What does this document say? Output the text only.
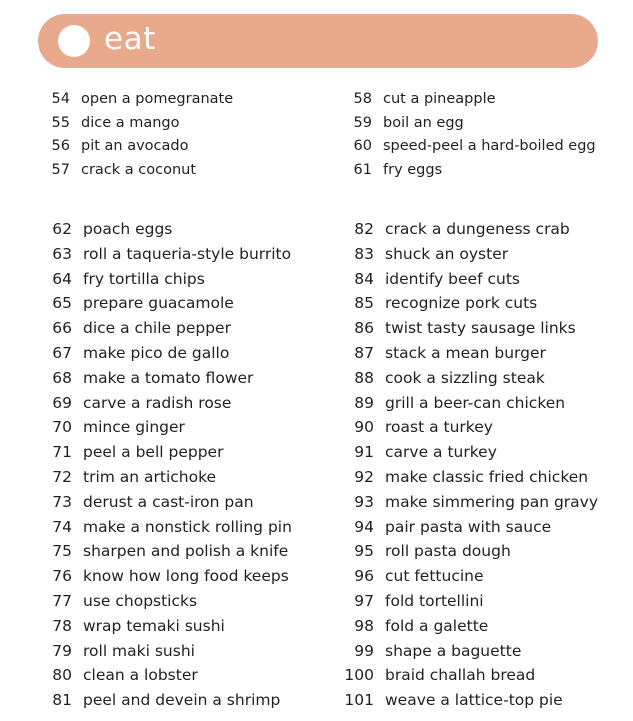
eat
54 open a pomegranate
55 dice a mango
56 pit an avocado
57 crack a coconut
58 cut a pineapple
59 boil an egg
60 speed-peel a hard-boiled egg
61 fry eggs
62 poach eggs
63 roll a taqueria-style burrito
64 fry tortilla chips
65 prepare guacamole
66 dice a chile pepper
67 make pico de gallo
68 make a tomato flower
69 carve a radish rose
70 mince ginger
71 peel a bell pepper
72 trim an artichoke
73 derust a cast-iron pan
74 make a nonstick rolling pin
75 sharpen and polish a knife
76 know how long food keeps
77 use chopsticks
78 wrap temaki sushi
79 roll maki sushi
80 clean a lobster
81 peel and devein a shrimp
82 crack a dungeness crab
83 shuck an oyster
84 identify beef cuts
85 recognize pork cuts
86 twist tasty sausage links
87 stack a mean burger
88 cook a sizzling steak
89 grill a beer-can chicken
90 roast a turkey
91 carve a turkey
92 make classic fried chicken
93 make simmering pan gravy
94 pair pasta with sauce
95 roll pasta dough
96 cut fettucine
97 fold tortellini
98 fold a galette
99 shape a baguette
100 braid challah bread
101 weave a lattice-top pie
